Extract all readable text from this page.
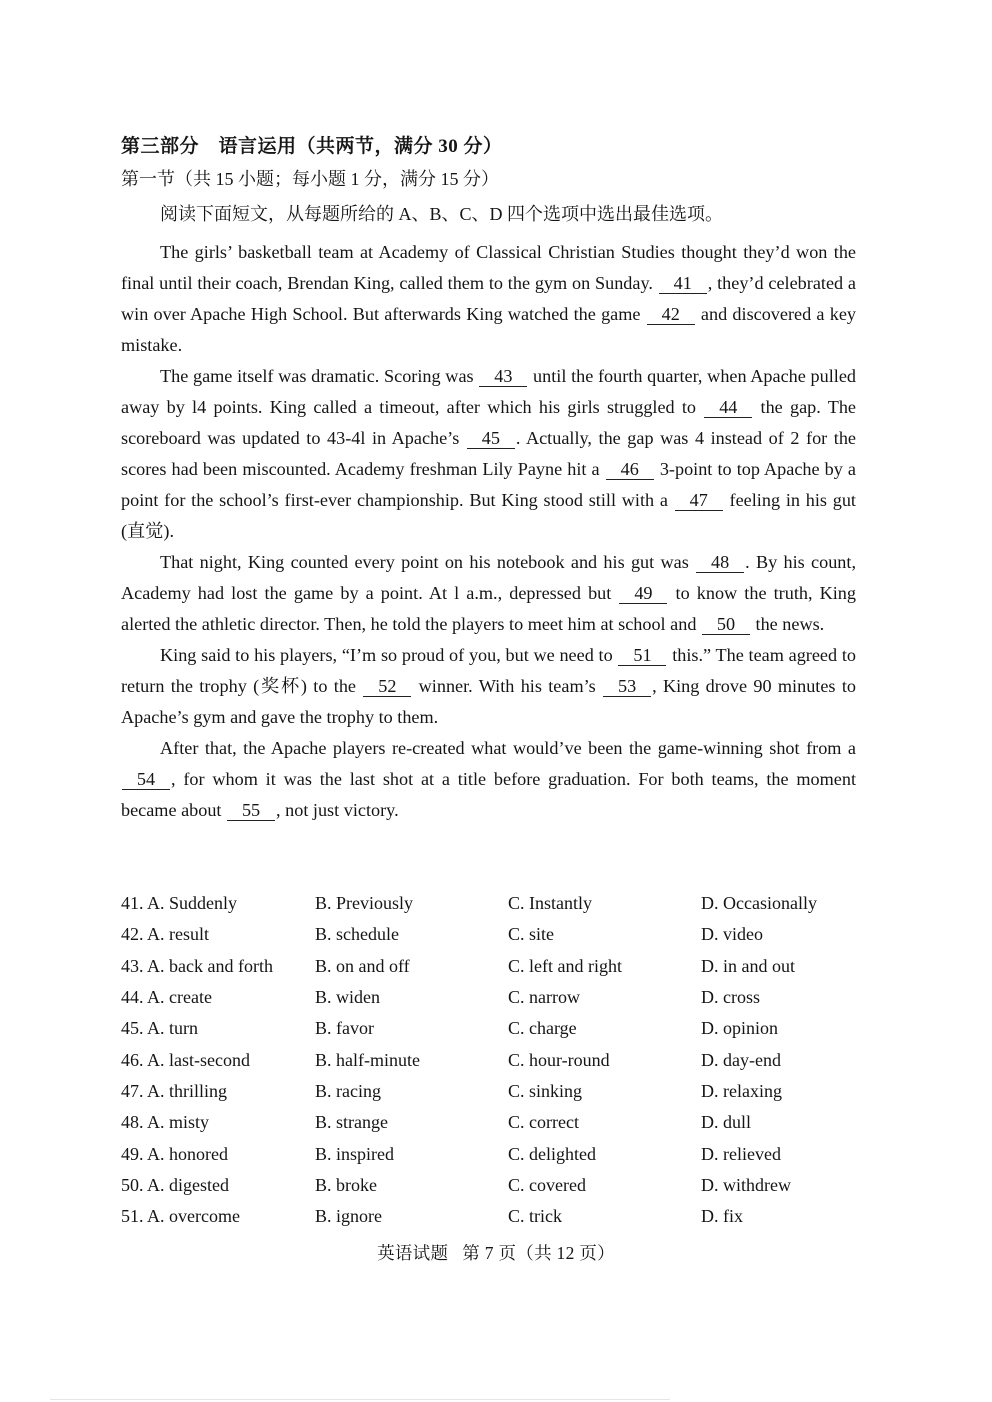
第三部分　语言运用（共两节，满分 30 分）
第一节（共 15 小题；每小题 1 分，满分 15 分）
阅读下面短文，从每题所给的 A、B、C、D 四个选项中选出最佳选项。

The girls’ basketball team at Academy of Classical Christian Studies thought they’d won the final until their coach, Brendan King, called them to the gym on Sunday. 41 , they’d celebrated a win over Apache High School. But afterwards King watched the game 42 and discovered a key mistake.

The game itself was dramatic. Scoring was 43 until the fourth quarter, when Apache pulled away by l4 points. King called a timeout, after which his girls struggled to 44 the gap. The scoreboard was updated to 43-4l in Apache’s 45 . Actually, the gap was 4 instead of 2 for the scores had been miscounted. Academy freshman Lily Payne hit a 46 3-point to top Apache by a point for the school’s first-ever championship. But King stood still with a 47 feeling in his gut (直觉).

That night, King counted every point on his notebook and his gut was 48 . By his count, Academy had lost the game by a point. At l a.m., depressed but 49 to know the truth, King alerted the athletic director. Then, he told the players to meet him at school and 50 the news.

King said to his players, “I’m so proud of you, but we need to 51 this.” The team agreed to return the trophy (奖杯) to the 52 winner. With his team’s 53 , King drove 90 minutes to Apache’s gym and gave the trophy to them.

After that, the Apache players re-created what would’ve been the game-winning shot from a 54 , for whom it was the last shot at a title before graduation. For both teams, the moment became about 55 , not just victory.

41. A. Suddenly	B. Previously	C. Instantly	D. Occasionally
42. A. result	B. schedule	C. site	D. video
43. A. back and forth	B. on and off	C. left and right	D. in and out
44. A. create	B. widen	C. narrow	D. cross
45. A. turn	B. favor	C. charge	D. opinion
46. A. last-second	B. half-minute	C. hour-round	D. day-end
47. A. thrilling	B. racing	C. sinking	D. relaxing
48. A. misty	B. strange	C. correct	D. dull
49. A. honored	B. inspired	C. delighted	D. relieved
50. A. digested	B. broke	C. covered	D. withdrew
51. A. overcome	B. ignore	C. trick	D. fix
英语试题 第 7 页（共 12 页）
